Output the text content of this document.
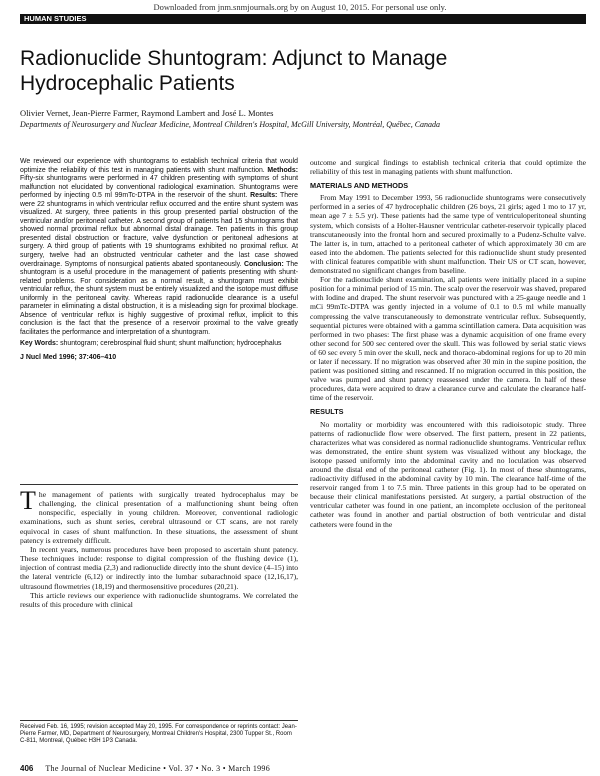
Downloaded from jnm.snmjournals.org by on August 10, 2015. For personal use only.
HUMAN STUDIES
Radionuclide Shuntogram: Adjunct to Manage Hydrocephalic Patients
Olivier Vernet, Jean-Pierre Farmer, Raymond Lambert and José L. Montes
Departments of Neurosurgery and Nuclear Medicine, Montreal Children's Hospital, McGill University, Montréal, Québec, Canada
We reviewed our experience with shuntograms to establish technical criteria that would optimize the reliability of this test in managing patients with shunt malfunction. Methods: Fifty-six shuntograms were performed in 47 children presenting with symptoms of shunt malfunction not elucidated by conventional radiological examination. Shuntograms were performed by injecting 0.5 ml 99mTc-DTPA in the reservoir of the shunt. Results: There were 22 shuntograms in which ventricular reflux occurred and the entire shunt system was visualized. At surgery, three patients in this group presented partial obstruction of the ventricular and/or peritoneal catheter. A second group of patients had 15 shuntograms that showed normal proximal reflux but abnormal distal drainage. Ten patients in this group presented distal obstruction or fracture, valve dysfunction or peritoneal adhesions at surgery. A third group of patients with 19 shuntograms exhibited no proximal reflux. At surgery, twelve had an obstructed ventricular catheter and the last case showed overdrainage. Symptoms of nonsurgical patients abated spontaneously. Conclusion: The shuntogram is a useful procedure in the management of patients presenting with shunt-related problems. For consideration as a normal result, a shuntogram must exhibit ventricular reflux, the shunt system must be entirely visualized and the isotope must diffuse uniformly in the peritoneal cavity. Whereas rapid radionuclide clearance is a useful parameter in eliminating a distal obstruction, it is a misleading sign for proximal blockage. Absence of ventricular reflux is highly suggestive of proximal reflux, implicit to this conclusion is the fact that the presence of a reservoir proximal to the valve greatly facilitates the performance and interpretation of a shuntogram.
Key Words: shuntogram; cerebrospinal fluid shunt; shunt malfunction; hydrocephalus
J Nucl Med 1996; 37:406–410

The management of patients with surgically treated hydrocephalus may be challenging, the clinical presentation of a malfunctioning shunt being often nonspecific, especially in young children. Moreover, conventional radiologic examinations, such as shunt series, cerebral ultrasound or CT scans, are not rarely equivocal in cases of shunt malfunction. In these situations, the assessment of shunt patency is extremely difficult.

In recent years, numerous procedures have been proposed to ascertain shunt patency. These techniques include: response to digital compression of the flushing device (1), injection of contrast media (2,3) and radionuclide directly into the shunt device (4–15) into the lateral ventricle (6,12) or indirectly into the lumbar subarachnoid space (12,16,17), ultrasound flowmetries (18,19) and thermosensitive procedures (20,21).

This article reviews our experience with radionuclide shuntograms. We correlated the results of this procedure with clinical

outcome and surgical findings to establish technical criteria that could optimize the reliability of this test in managing patients with shunt malfunction.

MATERIALS AND METHODS

From May 1991 to December 1993, 56 radionuclide shuntograms were consecutively performed in a series of 47 hydrocephalic children (26 boys, 21 girls; aged 1 mo to 17 yr, mean age 7 ± 5.5 yr). These patients had the same type of ventriculoperitoneal shunting system, which consists of a Holter-Hausner ventricular catheter-reservoir typically placed transcutaneously into the frontal horn and secured proximally to a Pudenz-Schulte valve. The latter is, in turn, attached to a peritoneal catheter of which approximately 30 cm are eased into the abdomen. The patients selected for this radionuclide shunt study presented with clinical features compatible with shunt malfunction. Their US or CT scan, however, demonstrated no significant changes from baseline.

For the radionuclide shunt examination, all patients were initially placed in a supine position for a minimal period of 15 min. The scalp over the reservoir was shaved, prepared with Iodine and draped. The shunt reservoir was punctured with a 25-gauge needle and 1 mCi 99mTc-DTPA was gently injected in a volume of 0.1 to 0.5 ml while manually compressing the valve transcutaneously to demonstrate ventricular reflux. Subsequently, sequential pictures were obtained with a gamma scintillation camera. Data acquisition was performed in two phases: The first phase was a dynamic acquisition of one frame every other second for 500 sec centered over the skull. This was followed by serial static views of 60 sec every 5 min over the skull, neck and thoraco-abdominal regions for up to 20 min or later if necessary. If no migration was observed after 30 min in the supine position, the patient was positioned sitting and rescanned. If no migration occurred in this position, the valve was pumped and shunt patency reassessed under the camera. In half of these procedures, data were acquired to draw a clearance curve and calculate the clearance half-time of the reservoir.

RESULTS

No mortality or morbidity was encountered with this radioisotopic study. Three patterns of radionuclide flow were observed. The first pattern, present in 22 patients, characterizes what was considered as normal radionuclide shuntograms. Ventricular reflux was demonstrated, the entire shunt system was visualized without any blockage, the isotope passed uniformly into the abdominal cavity and no loculation was observed around the distal end of the peritoneal catheter (Fig. 1). In most of these shuntograms, radioactivity diffused in the abdominal cavity by 10 min. The clearance half-time of the reservoir ranged from 1 to 7.5 min. Three patients in this group had to be operated on because their clinical manifestations persisted. At surgery, a partial obstruction of the ventricular catheter was found in one patient, an incomplete occlusion of the peritoneal catheter was found in another and partial obstruction of both ventricular and distal catheters were found in the

Received Feb. 16, 1995; revision accepted May 20, 1995. For correspondence or reprints contact: Jean-Pierre Farmer, MD, Department of Neurosurgery, Montreal Children's Hospital, 2300 Tupper St., Room C-811, Montreal, Québec H3H 1P3 Canada.
406 The Journal of Nuclear Medicine • Vol. 37 • No. 3 • March 1996
